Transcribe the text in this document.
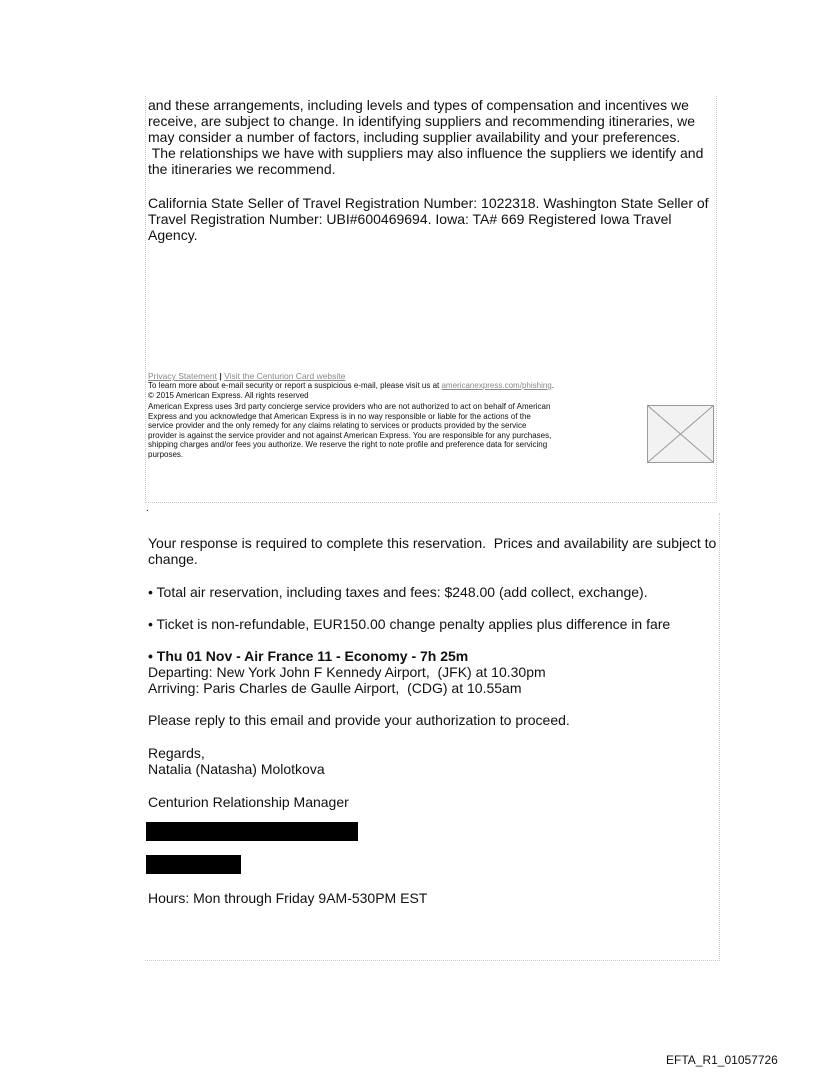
and these arrangements, including levels and types of compensation and incentives we
receive, are subject to change. In identifying suppliers and recommending itineraries, we
may consider a number of factors, including supplier availability and your preferences.
The relationships we have with suppliers may also influence the suppliers we identify and
the itineraries we recommend.

California State Seller of Travel Registration Number: 1022318. Washington State Seller of
Travel Registration Number: UBI#600469694. Iowa: TA# 669 Registered Iowa Travel
Agency.

Privacy Statement | Visit the Centurion Card website

To learn more about e-mail security or report a suspicious e-mail, please visit us at americanexpress.com/phishing.

© 2015 American Express. All rights reserved

American Express uses 3rd party concierge service providers who are not authorized to act on behalf of American
Express and you acknowledge that American Express is in no way responsible or liable for the actions of the
service provider and the only remedy for any claims relating to services or products provided by the service
provider is against the service provider and not against American Express. You are responsible for any purchases,
shipping charges and/or fees you authorize. We reserve the right to note profile and preference data for servicing
purposes.

.

Your response is required to complete this reservation.  Prices and availability are subject to
change.

• Total air reservation, including taxes and fees: $248.00 (add collect, exchange).

• Ticket is non-refundable, EUR150.00 change penalty applies plus difference in fare

• Thu 01 Nov - Air France 11 - Economy - 7h 25m
Departing: New York John F Kennedy Airport,  (JFK) at 10.30pm
Arriving: Paris Charles de Gaulle Airport,  (CDG) at 10.55am

Please reply to this email and provide your authorization to proceed.

Regards,
Natalia (Natasha) Molotkova

Centurion Relationship Manager

Hours: Mon through Friday 9AM-530PM EST

EFTA_R1_01057726
